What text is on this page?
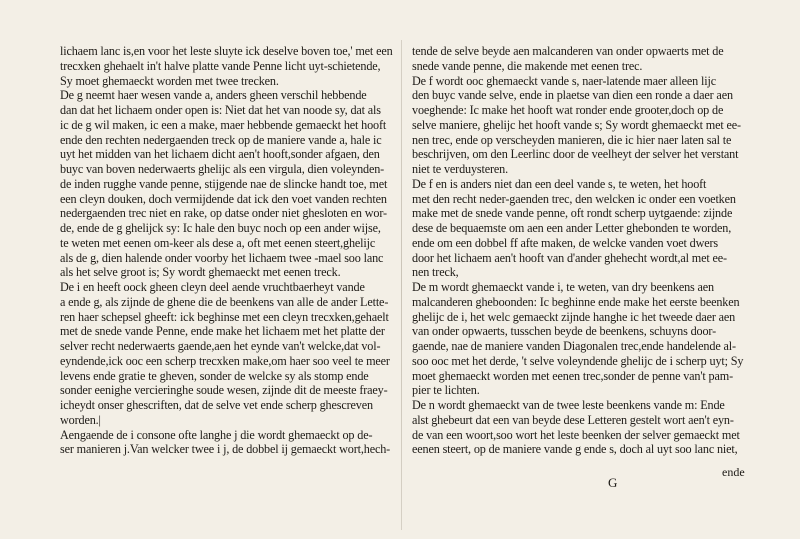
lichaem lanc is,en voor het leste sluyte ick deselve boven toe,' met een
trecxken ghehaelt in't halve platte vande Penne licht uyt-schietende,
Sy moet ghemaeckt worden met twee trecken.
De g neemt haer wesen vande a, anders gheen verschil hebbende
dan dat het lichaem onder open is: Niet dat het van noode sy, dat als
ic de g wil maken, ic een a make, maer hebbende gemaeckt het hooft
ende den rechten nedergaenden treck op de maniere vande a, hale ic
uyt het midden van het lichaem dicht aen't hooft,sonder afgaen, den
buyc van boven nederwaerts ghelijc als een virgula, dien voleynden-
de inden rugghe vande penne, stijgende nae de slincke handt toe, met
een cleyn douken, doch vermijdende dat ick den voet vanden rechten
nedergaenden trec niet en rake, op datse onder niet ghesloten en wor-
de, ende de g ghelijck sy: Ic hale den buyc noch op een ander wijse,
te weten met eenen om-keer als dese a, oft met eenen steert,ghelijc
als de g, dien halende onder voorby het lichaem twee -mael soo lanc
als het selve groot is; Sy wordt ghemaeckt met eenen treck.
De i en heeft oock gheen cleyn deel aende vruchtbaerheyt vande
a ende g, als zijnde de ghene die de beenkens van alle de ander Lette-
ren haer schepsel gheeft: ick beghinse met een cleyn trecxken,gehaelt
met de snede vande Penne, ende make het lichaem met het platte der
selver recht nederwaerts gaende,aen het eynde van't welcke,dat vol-
eyndende,ick ooc een scherp trecxken make,om haer soo veel te meer
levens ende gratie te gheven, sonder de welcke sy als stomp ende
sonder eenighe vercieringhe soude wesen, zijnde dit de meeste fraey-
icheydt onser ghescriften, dat de selve vet ende scherp ghescreven
worden.|
Aengaende de i consone ofte langhe j die wordt ghemaeckt op de-
ser manieren j.Van welcker twee i j, de dobbel ij gemaeckt wort,hech-
tende de selve beyde aen malcanderen van onder opwaerts met de
snede vande penne, die makende met eenen trec.
De f wordt ooc ghemaeckt vande s, naer-latende maer alleen lijc
den buyc vande selve, ende in plaetse van dien een ronde a daer aen
voeghende: Ic make het hooft wat ronder ende grooter,doch op de
selve maniere, ghelijc het hooft vande s; Sy wordt ghemaeckt met ee-
nen trec, ende op verscheyden manieren, die ic hier naer laten sal te
beschrijven, om den Leerlinc door de veelheyt der selver het verstant
niet te verduysteren.
De f en is anders niet dan een deel vande s, te weten, het hooft
met den recht neder-gaenden trec, den welcken ic onder een voetken
make met de snede vande penne, oft rondt scherp uytgaende: zijnde
dese de bequaemste om aen een ander Letter ghebonden te worden,
ende om een dobbel ff afte maken, de welcke vanden voet dwers
door het lichaem aen't hooft van d'ander ghehecht wordt,al met ee-
nen treck,
De m wordt ghemaeckt vande i, te weten, van dry beenkens aen
malcanderen gheboonden: Ic beghinne ende make het eerste beenken
ghelijc de i, het welc gemaeckt zijnde hanghe ic het tweede daer aen
van onder opwaerts, tusschen beyde de beenkens, schuyns door-
gaende, nae de maniere vanden Diagonalen trec,ende handelende al-
soo ooc met het derde, 't selve voleyndende ghelijc de i scherp uyt; Sy
moet ghemaeckt worden met eenen trec,sonder de penne van't pam-
pier te lichten.
De n wordt ghemaeckt van de twee leste beenkens vande m: Ende
alst ghebeurt dat een van beyde dese Letteren gestelt wort aen't eyn-
de van een woort,soo wort het leste beenken der selver gemaeckt met
eenen steert, op de maniere vande g ende s, doch al uyt soo lanc niet,
G
ende
